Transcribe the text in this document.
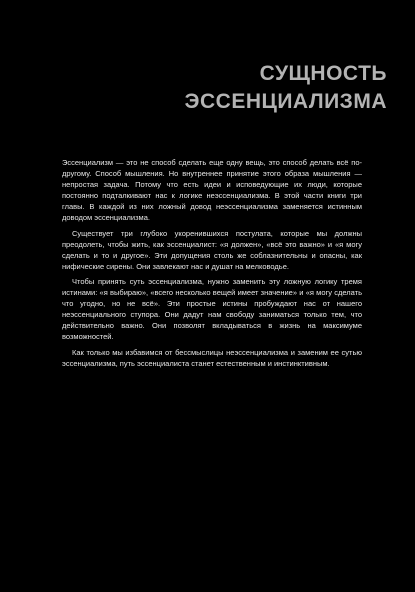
СУЩНОСТЬ
ЭССЕНЦИАЛИЗМА

Эссенциализм — это не способ сделать еще одну вещь, это способ делать всё по-другому. Способ мышления. Но внутреннее принятие этого образа мышления — непростая задача. Потому что есть идеи и исповедующие их люди, которые постоянно подталкивают нас к логике неэссенциализма. В этой части книги три главы. В каждой из них ложный довод неэссенциализма заменяется истинным доводом эссенциализма.

Существует три глубоко укоренившихся постулата, которые мы должны преодолеть, чтобы жить, как эссенциалист: «я должен», «всё это важно» и «я могу сделать и то и другое». Эти допущения столь же соблазнительны и опасны, как нифические сирены. Они завлекают нас и душат на мелководье.

Чтобы принять суть эссенциализма, нужно заменить эту ложную логику тремя истинами: «я выбираю», «всего несколько вещей имеет значение» и «я могу сделать что угодно, но не всё». Эти простые истины пробуждают нас от нашего неэссенциального ступора. Они дадут нам свободу заниматься только тем, что действительно важно. Они позволят вкладываться в жизнь на максимуме возможностей.

Как только мы избавимся от бессмыслицы неэссенциализма и заменим ее сутью эссенциализма, путь эссенциалиста станет естественным и инстинктивным.
